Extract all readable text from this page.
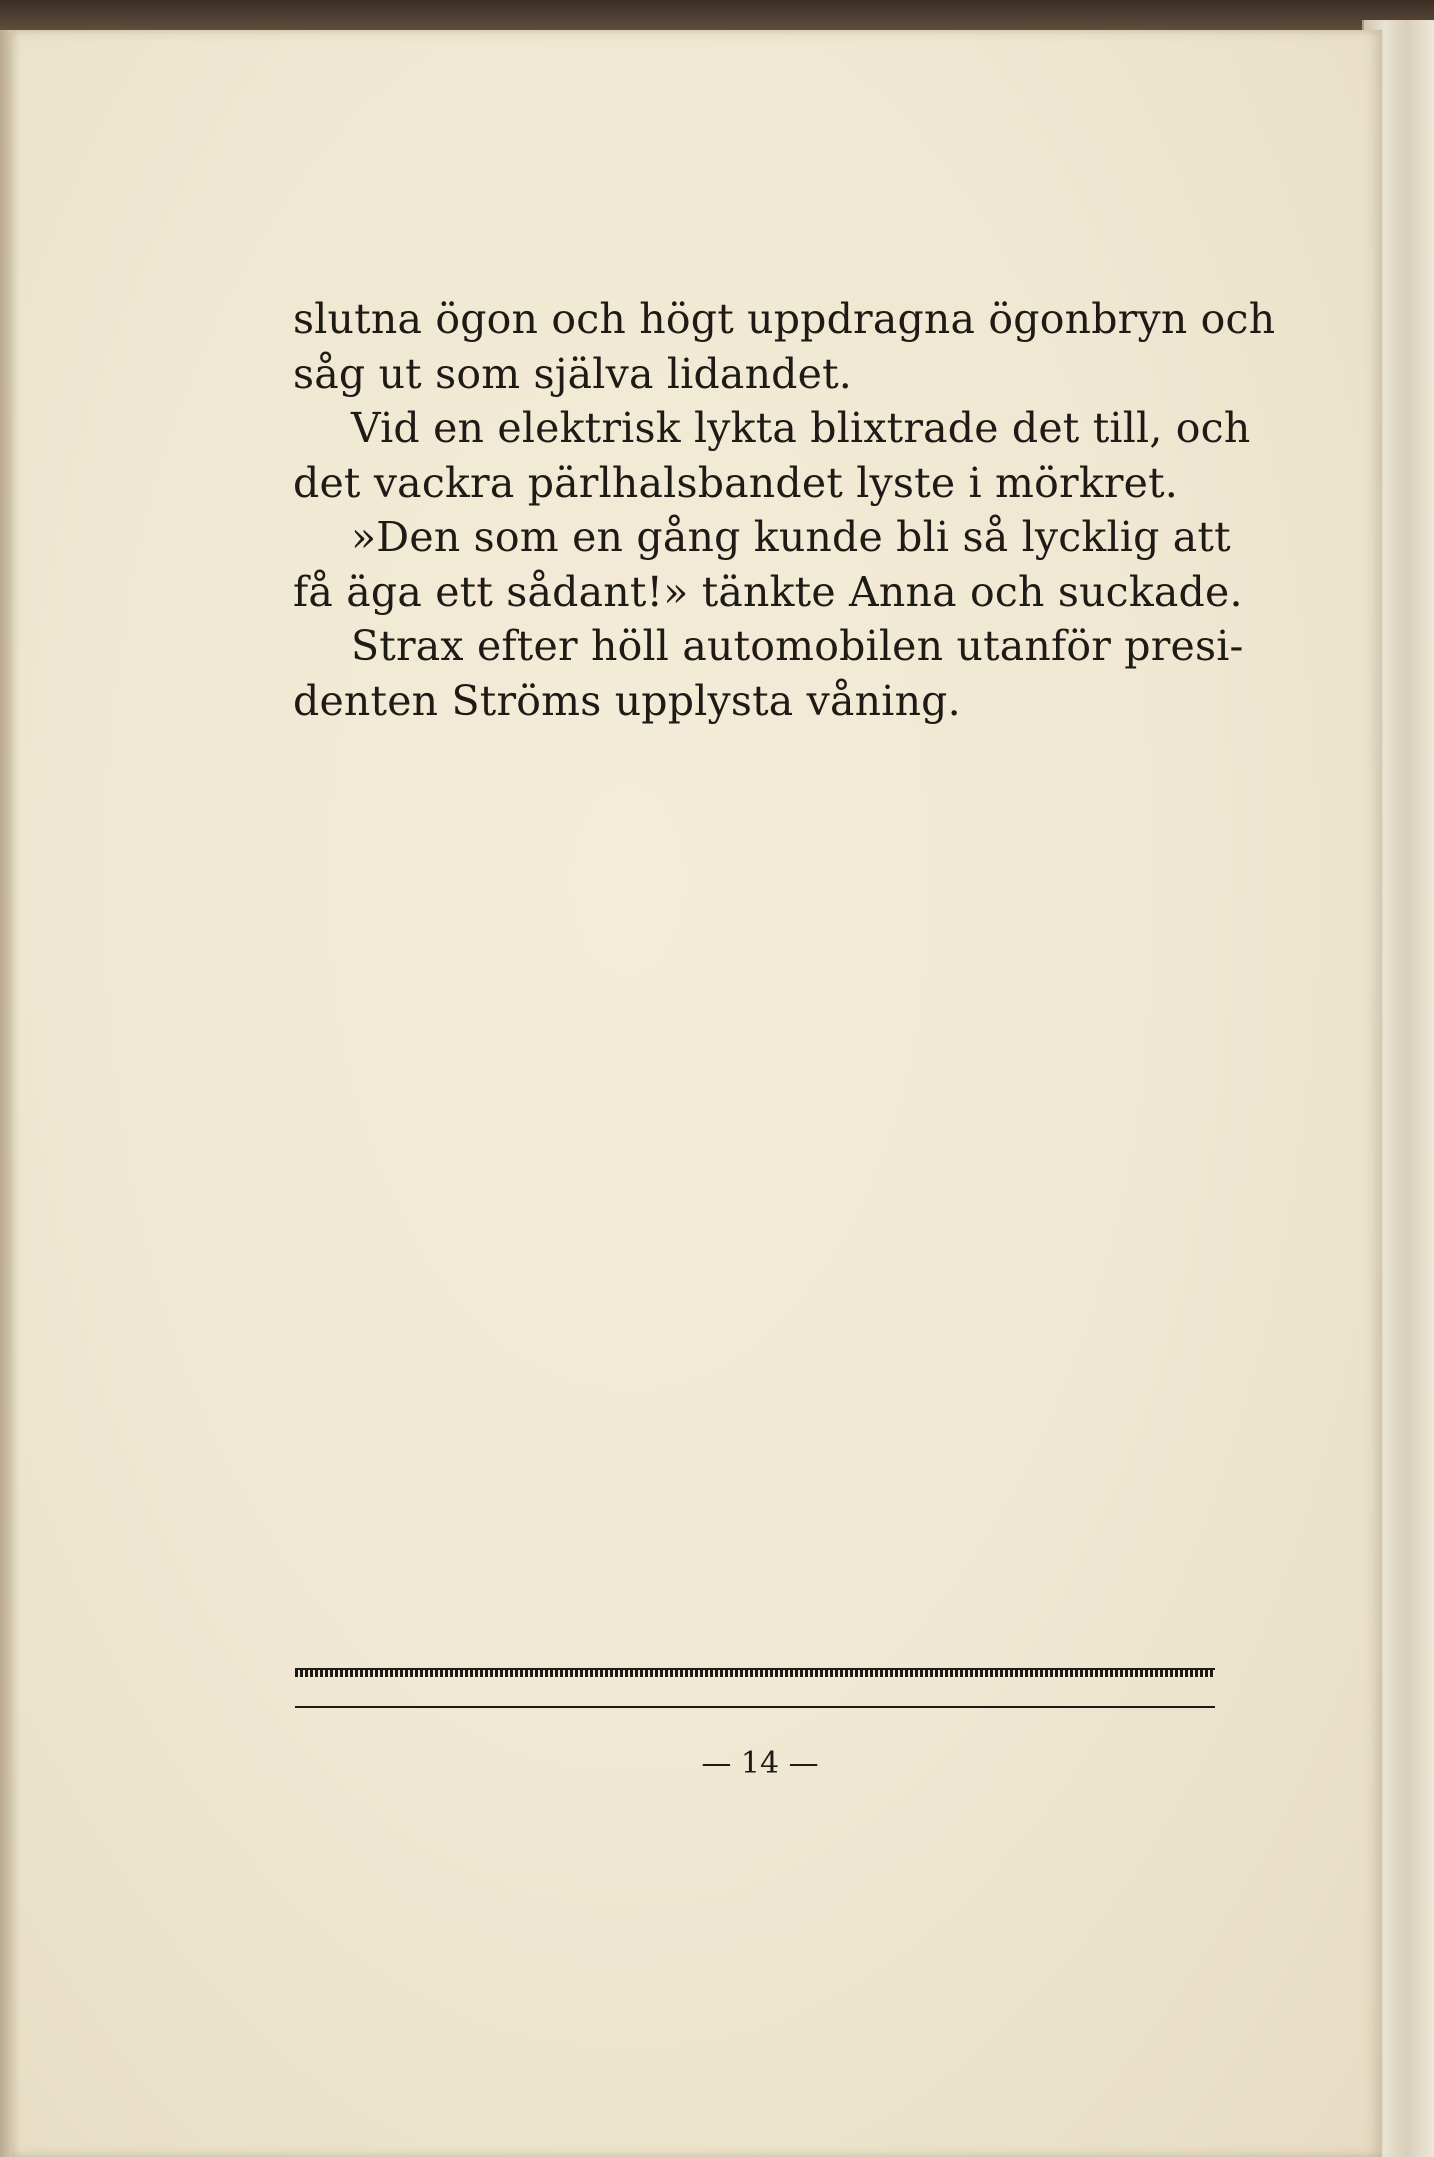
slutna ögon och högt uppdragna ögonbryn och
såg ut som själva lidandet.
Vid en elektrisk lykta blixtrade det till, och
det vackra pärlhalsbandet lyste i mörkret.
»Den som en gång kunde bli så lycklig att
få äga ett sådant!» tänkte Anna och suckade.
Strax efter höll automobilen utanför presi-
denten Ströms upplysta våning.
— 14 —
